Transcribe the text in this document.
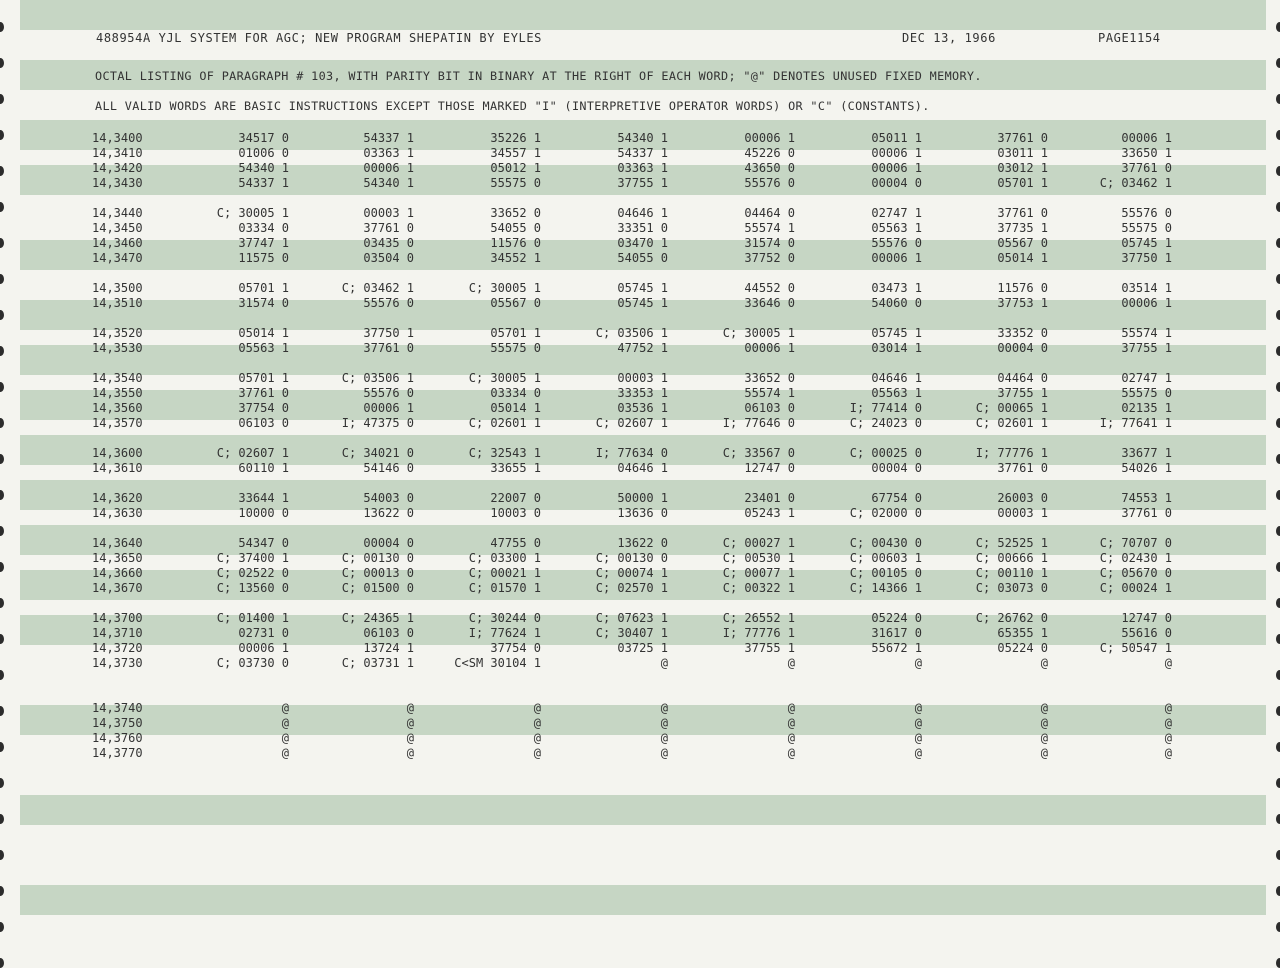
488954A YJL SYSTEM FOR AGC; NEW PROGRAM SHEPATIN BY EYLES	DEC 13, 1966	PAGE1154
OCTAL LISTING OF PARAGRAPH # 103, WITH PARITY BIT IN BINARY AT THE RIGHT OF EACH WORD; "@" DENOTES UNUSED FIXED MEMORY.
ALL VALID WORDS ARE BASIC INSTRUCTIONS EXCEPT THOSE MARKED "I" (INTERPRETIVE OPERATOR WORDS) OR "C" (CONSTANTS).
14,3400	34517 0	54337 1	35226 1	54340 1	00006 1	05011 1	37761 0	00006 1
14,3410	01006 0	03363 1	34557 1	54337 1	45226 0	00006 1	03011 1	33650 1
14,3420	54340 1	00006 1	05012 1	03363 1	43650 0	00006 1	03012 1	37761 0
14,3430	54337 1	54340 1	55575 0	37755 1	55576 0	00004 0	05701 1	C; 03462 1
14,3440	C; 30005 1	00003 1	33652 0	04646 1	04464 0	02747 1	37761 0	55576 0
14,3450	03334 0	37761 0	54055 0	33351 0	55574 1	05563 1	37735 1	55575 0
14,3460	37747 1	03435 0	11576 0	03470 1	31574 0	55576 0	05567 0	05745 1
14,3470	11575 0	03504 0	34552 1	54055 0	37752 0	00006 1	05014 1	37750 1
14,3500	05701 1	C; 03462 1	C; 30005 1	05745 1	44552 0	03473 1	11576 0	03514 1
14,3510	31574 0	55576 0	05567 0	05745 1	33646 0	54060 0	37753 1	00006 1
14,3520	05014 1	37750 1	05701 1	C; 03506 1	C; 30005 1	05745 1	33352 0	55574 1
14,3530	05563 1	37761 0	55575 0	47752 1	00006 1	03014 1	00004 0	37755 1
14,3540	05701 1	C; 03506 1	C; 30005 1	00003 1	33652 0	04646 1	04464 0	02747 1
14,3550	37761 0	55576 0	03334 0	33353 1	55574 1	05563 1	37755 1	55575 0
14,3560	37754 0	00006 1	05014 1	03536 1	06103 0	I; 77414 0	C; 00065 1	02135 1
14,3570	06103 0	I; 47375 0	C; 02601 1	C; 02607 1	I; 77646 0	C; 24023 0	C; 02601 1	I; 77641 1
14,3600	C; 02607 1	C; 34021 0	C; 32543 1	I; 77634 0	C; 33567 0	C; 00025 0	I; 77776 1	33677 1
14,3610	60110 1	54146 0	33655 1	04646 1	12747 0	00004 0	37761 0	54026 1
14,3620	33644 1	54003 0	22007 0	50000 1	23401 0	67754 0	26003 0	74553 1
14,3630	10000 0	13622 0	10003 0	13636 0	05243 1	C; 02000 0	00003 1	37761 0
14,3640	54347 0	00004 0	47755 0	13622 0	C; 00027 1	C; 00430 0	C; 52525 1	C; 70707 0
14,3650	C; 37400 1	C; 00130 0	C; 03300 1	C; 00130 0	C; 00530 1	C; 00603 1	C; 00666 1	C; 02430 1
14,3660	C; 02522 0	C; 00013 0	C; 00021 1	C; 00074 1	C; 00077 1	C; 00105 0	C; 00110 1	C; 05670 0
14,3670	C; 13560 0	C; 01500 0	C; 01570 1	C; 02570 1	C; 00322 1	C; 14366 1	C; 03073 0	C; 00024 1
14,3700	C; 01400 1	C; 24365 1	C; 30244 0	C; 07623 1	C; 26552 1	05224 0	C; 26762 0	12747 0
14,3710	02731 0	06103 0	I; 77624 1	C; 30407 1	I; 77776 1	31617 0	65355 1	55616 0
14,3720	00006 1	13724 1	37754 0	03725 1	37755 1	55672 1	05224 0	C; 50547 1
14,3730	C; 03730 0	C; 03731 1	C<SM 30104 1	@	@	@	@	@
14,3740	@	@	@	@	@	@	@	@
14,3750	@	@	@	@	@	@	@	@
14,3760	@	@	@	@	@	@	@	@
14,3770	@	@	@	@	@	@	@	@
